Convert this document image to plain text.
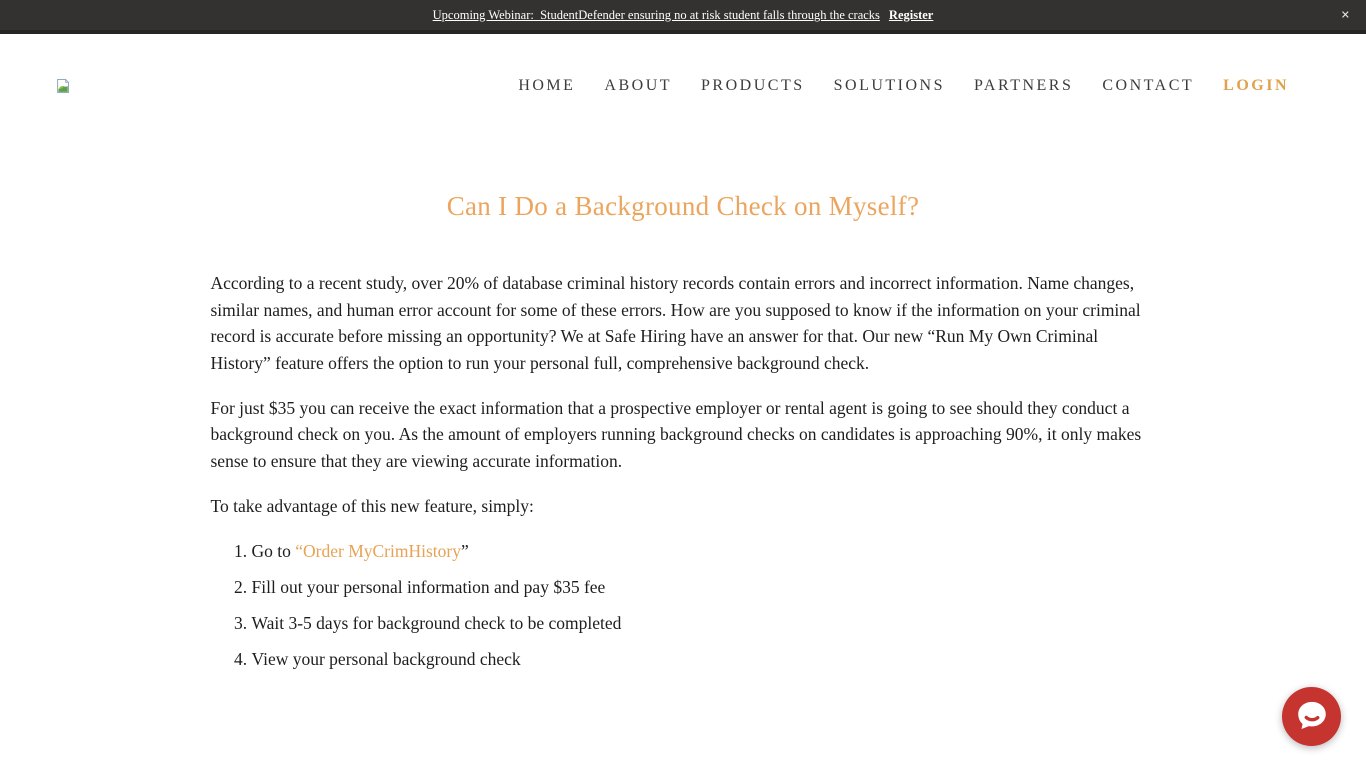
Upcoming Webinar:  StudentDefender ensuring no at risk student falls through the cracks Register	✕
HOME ABOUT PRODUCTS SOLUTIONS PARTNERS CONTACT LOGIN
Can I Do a Background Check on Myself?

According to a recent study, over 20% of database criminal history records contain errors and incorrect information. Name changes, similar names, and human error account for some of these errors. How are you supposed to know if the information on your criminal record is accurate before missing an opportunity? We at Safe Hiring have an answer for that. Our new “Run My Own Criminal History” feature offers the option to run your personal full, comprehensive background check.

For just $35 you can receive the exact information that a prospective employer or rental agent is going to see should they conduct a background check on you. As the amount of employers running background checks on candidates is approaching 90%, it only makes sense to ensure that they are viewing accurate information.

To take advantage of this new feature, simply:

1. Go to “Order MyCrimHistory”
2. Fill out your personal information and pay $35 fee
3. Wait 3-5 days for background check to be completed
4. View your personal background check
